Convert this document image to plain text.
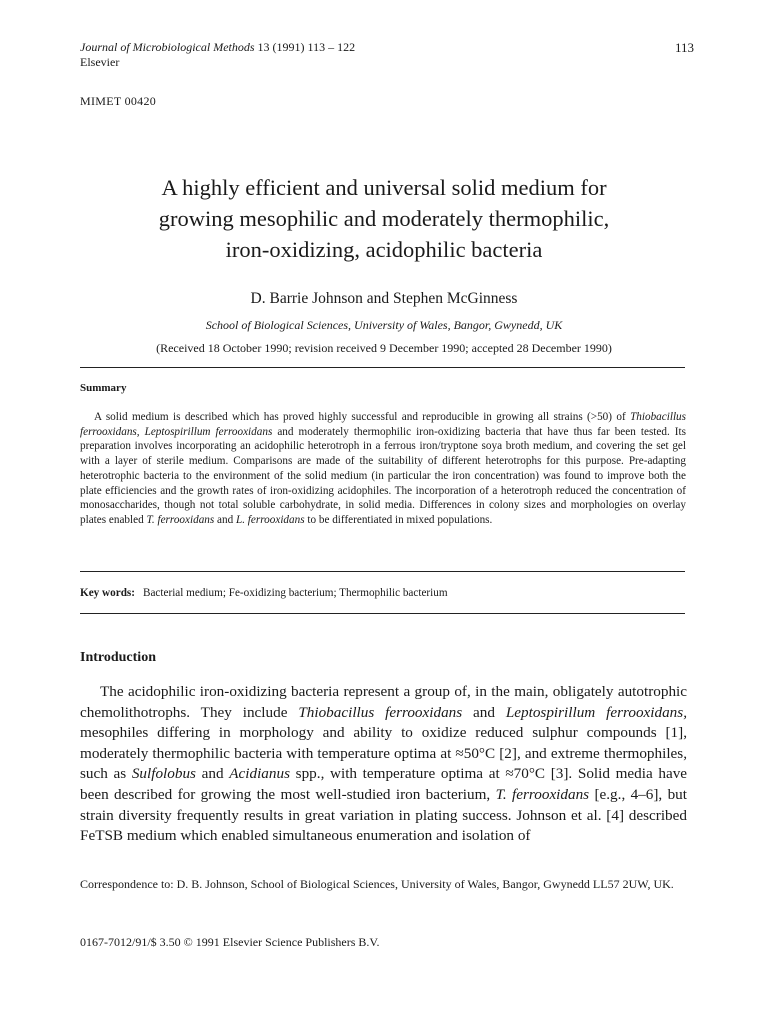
Journal of Microbiological Methods 13 (1991) 113 – 122
Elsevier
113
MIMET 00420
A highly efficient and universal solid medium for
growing mesophilic and moderately thermophilic,
iron-oxidizing, acidophilic bacteria
D. Barrie Johnson and Stephen McGinness
School of Biological Sciences, University of Wales, Bangor, Gwynedd, UK
(Received 18 October 1990; revision received 9 December 1990; accepted 28 December 1990)
Summary

A solid medium is described which has proved highly successful and reproducible in growing all strains (>50) of Thiobacillus ferrooxidans, Leptospirillum ferrooxidans and moderately thermophilic iron-oxidizing bacteria that have thus far been tested. Its preparation involves incorporating an acidophilic heterotroph in a ferrous iron/tryptone soya broth medium, and covering the set gel with a layer of sterile medium. Comparisons are made of the suitability of different heterotrophs for this purpose. Pre-adapting heterotrophic bacteria to the environment of the solid medium (in particular the iron concentration) was found to improve both the plate efficiencies and the growth rates of iron-oxidizing acidophiles. The incorporation of a heterotroph reduced the concentration of monosaccharides, though not total soluble carbohydrate, in solid media. Differences in colony sizes and morphologies on overlay plates enabled T. ferrooxidans and L. ferrooxidans to be differentiated in mixed populations.

Key words: Bacterial medium; Fe-oxidizing bacterium; Thermophilic bacterium
Introduction

The acidophilic iron-oxidizing bacteria represent a group of, in the main, obligately autotrophic chemolithotrophs. They include Thiobacillus ferrooxidans and Leptospirillum ferrooxidans, mesophiles differing in morphology and ability to oxidize reduced sulphur compounds [1], moderately thermophilic bacteria with temperature optima at ≈50°C [2], and extreme thermophiles, such as Sulfolobus and Acidianus spp., with temperature optima at ≈70°C [3]. Solid media have been described for growing the most well-studied iron bacterium, T. ferrooxidans [e.g., 4–6], but strain diversity frequently results in great variation in plating success. Johnson et al. [4] described FeTSB medium which enabled simultaneous enumeration and isolation of

Correspondence to: D. B. Johnson, School of Biological Sciences, University of Wales, Bangor, Gwynedd LL57 2UW, UK.
0167-7012/91/$ 3.50 © 1991 Elsevier Science Publishers B.V.
